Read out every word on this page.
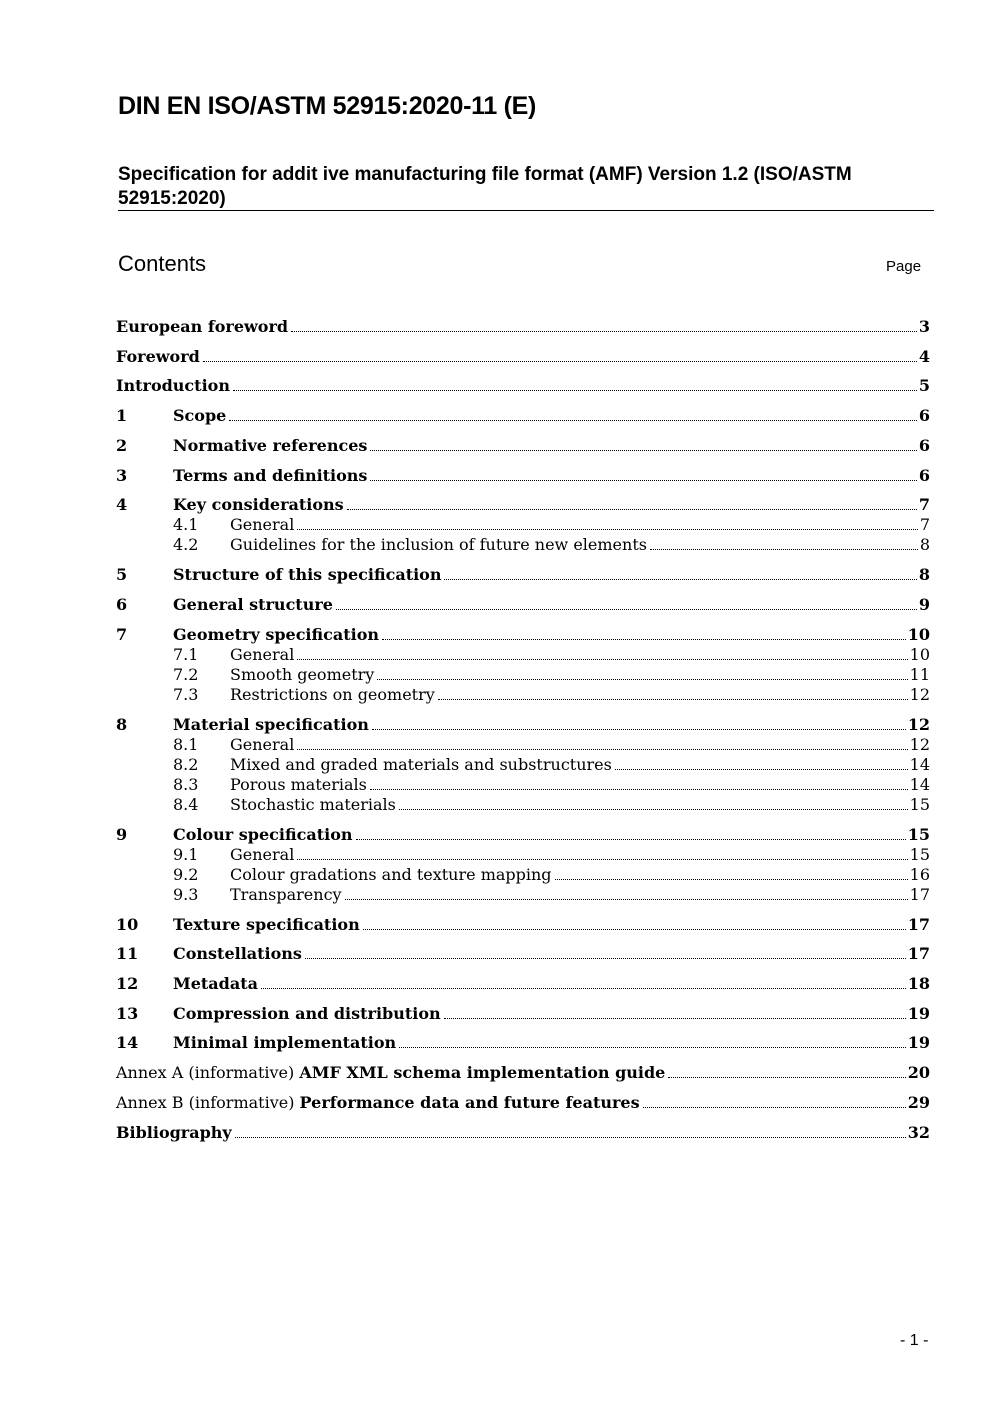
DIN EN ISO/ASTM 52915:2020-11 (E)
Specification for addit ive manufacturing file format (AMF) Version 1.2 (ISO/ASTM 52915:2020)
Contents	Page
European foreword	3
Foreword	4
Introduction	5
1	Scope	6
2	Normative references	6
3	Terms and definitions	6
4	Key considerations	7
4.1	General	7
4.2	Guidelines for the inclusion of future new elements	8
5	Structure of this specification	8
6	General structure	9
7	Geometry specification	10
7.1	General	10
7.2	Smooth geometry	11
7.3	Restrictions on geometry	12
8	Material specification	12
8.1	General	12
8.2	Mixed and graded materials and substructures	14
8.3	Porous materials	14
8.4	Stochastic materials	15
9	Colour specification	15
9.1	General	15
9.2	Colour gradations and texture mapping	16
9.3	Transparency	17
10	Texture specification	17
11	Constellations	17
12	Metadata	18
13	Compression and distribution	19
14	Minimal implementation	19
Annex A (informative) AMF XML schema implementation guide	20
Annex B (informative) Performance data and future features	29
Bibliography	32
- 1 -
